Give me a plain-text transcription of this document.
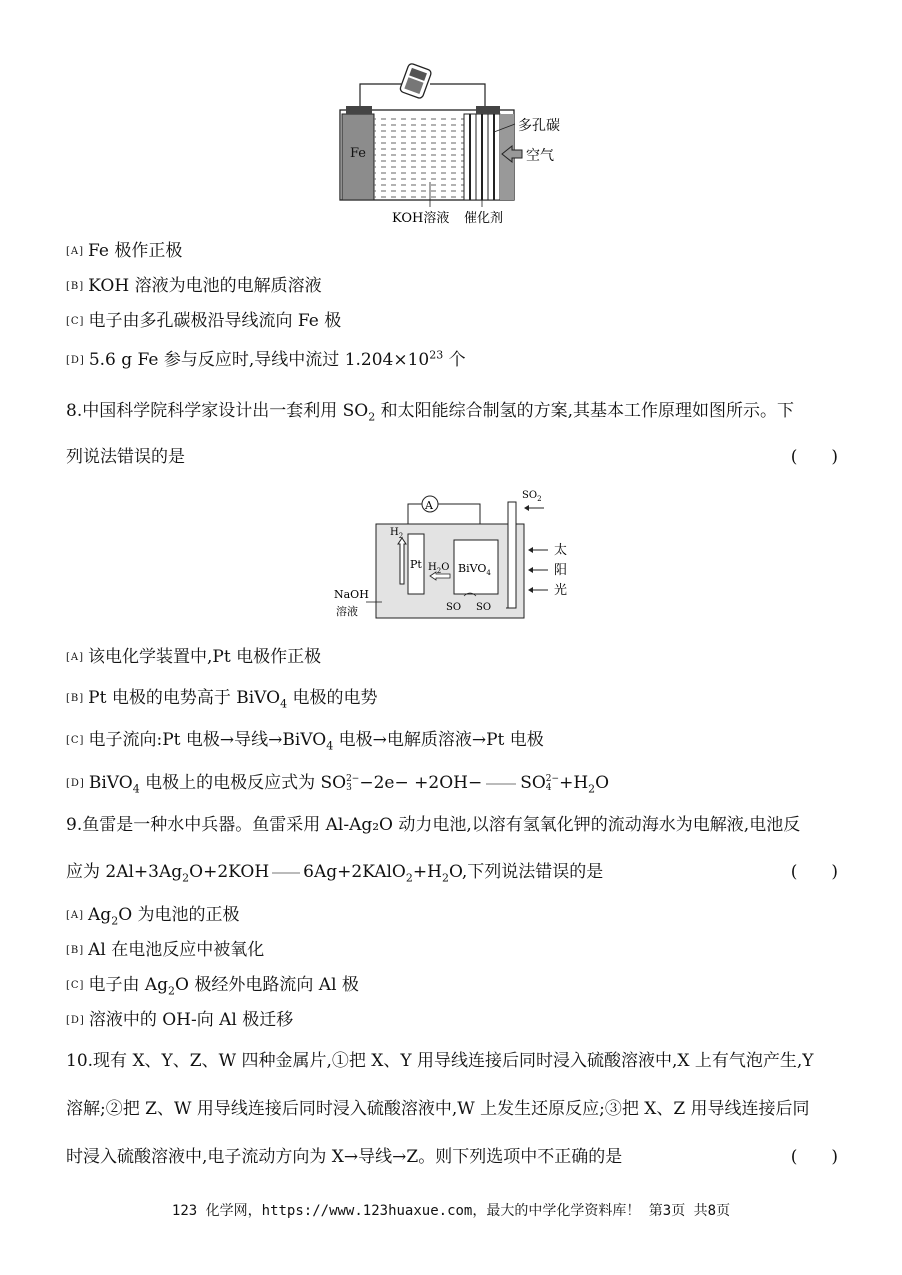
Fe
多孔碳
空气
KOH溶液 催化剂
[A] Fe 极作正极
[B] KOH 溶液为电池的电解质溶液
[C] 电子由多孔碳极沿导线流向 Fe 极
[D] 5.6 g Fe 参与反应时,导线中流过 $1.204\times 10^{23}$ 个
8.中国科学院科学家设计出一套利用 $SO_2$ 和太阳能综合制氢的方案,其基本工作原理如图所示。下
列说法错误的是	(　　)
A
$SO_2$
Pt
$H_2$
BiVO$_4$
$H_2O$
SO SO
NaOH
溶液
太
阳
光
[A] 该电化学装置中,Pt 电极作正极
[B] Pt 电极的电势高于 BiVO$_4$ 电极的电势
[C] 电子流向:Pt 电极→导线→BiVO$_4$ 电极→电解质溶液→Pt 电极
[D] BiVO$_4$ 电极上的电极反应式为 SO2−
3 −2e− +2OH− SO2−
$4 +H_2O$
9.鱼雷是一种水中兵器。鱼雷采用 Al-Ag₂O 动力电池,以溶有氢氧化钾的流动海水为电解液,电池反
应为 $2Al+3Ag_2O+2KOH$ $6Ag+2KAlO_2+H_2O$,下列说法错误的是	(　　)
[A] $Ag_2O$ 为电池的正极
[B] Al 在电池反应中被氧化
[C] 电子由 $Ag_2O$ 极经外电路流向 Al 极
[D] 溶液中的 OH-向 Al 极迁移
10.现有 X、Y、Z、W 四种金属片,①把 X、Y 用导线连接后同时浸入硫酸溶液中,X 上有气泡产生,Y
溶解;②把 Z、W 用导线连接后同时浸入硫酸溶液中,W 上发生还原反应;③把 X、Z 用导线连接后同
时浸入硫酸溶液中,电子流动方向为 X→导线→Z。则下列选项中不正确的是	(　　)
123 化学网，https://www.123huaxue.com，最大的中学化学资料库！ 第3页 共8页
